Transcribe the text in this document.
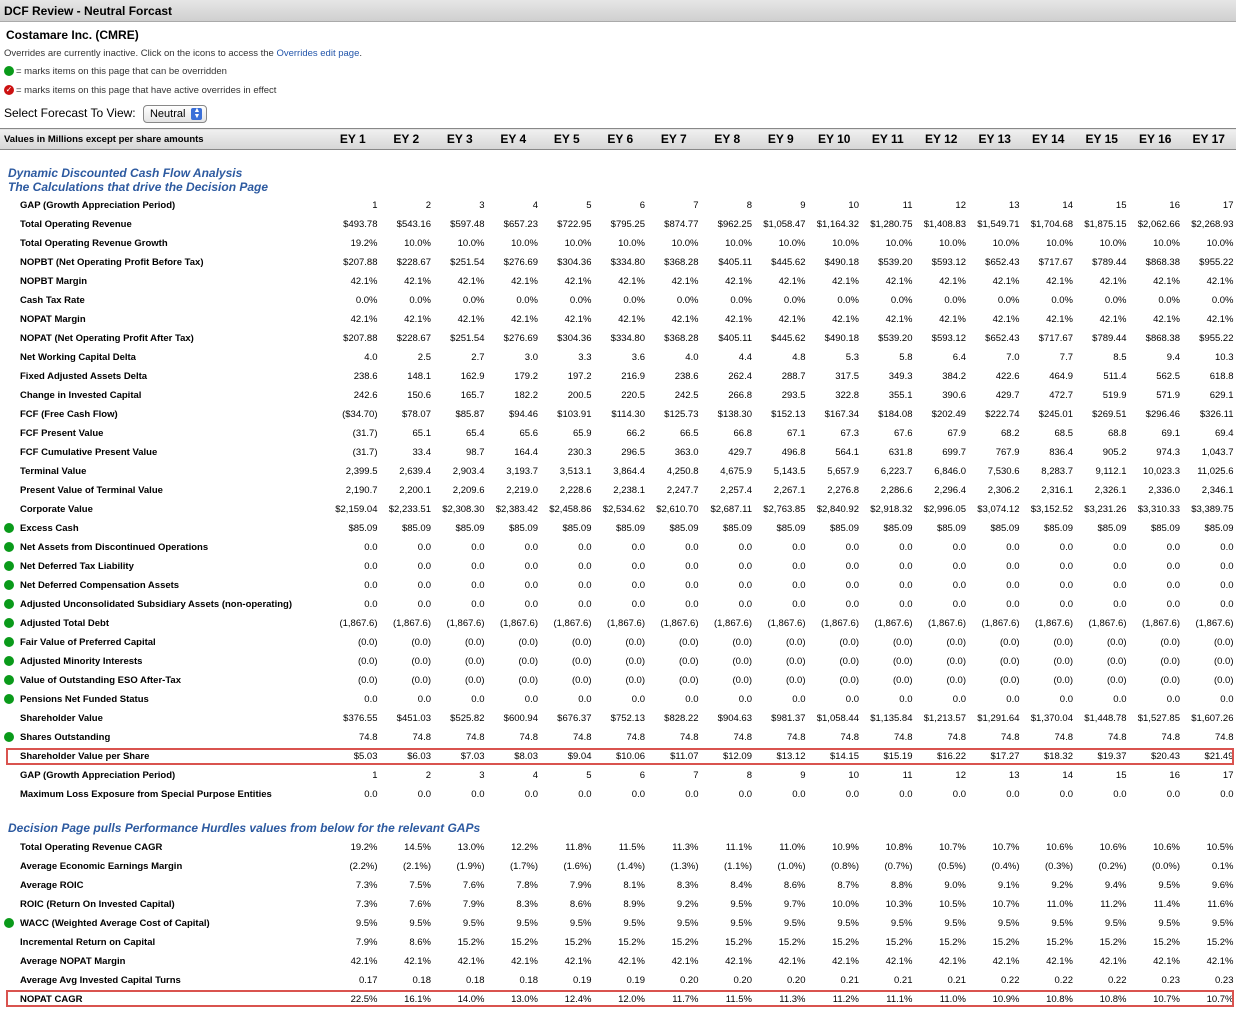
DCF Review - Neutral Forcast
Costamare Inc. (CMRE)
Overrides are currently inactive. Click on the icons to access the Overrides edit page.
= marks items on this page that can be overridden
✓ = marks items on this page that have active overrides in effect
Select Forecast To View: Neutral ▲
▼
Values in Millions except per share amounts	EY 1	EY 2	EY 3	EY 4	EY 5	EY 6	EY 7	EY 8	EY 9	EY 10	EY 11	EY 12	EY 13	EY 14	EY 15	EY 16	EY 17
Dynamic Discounted Cash Flow Analysis
The Calculations that drive the Decision Page
	GAP (Growth Appreciation Period)	1	2	3	4	5	6	7	8	9	10	11	12	13	14	15	16	17
	Total Operating Revenue	$493.78	$543.16	$597.48	$657.23	$722.95	$795.25	$874.77	$962.25	$1,058.47	$1,164.32	$1,280.75	$1,408.83	$1,549.71	$1,704.68	$1,875.15	$2,062.66	$2,268.93
	Total Operating Revenue Growth	19.2%	10.0%	10.0%	10.0%	10.0%	10.0%	10.0%	10.0%	10.0%	10.0%	10.0%	10.0%	10.0%	10.0%	10.0%	10.0%	10.0%
	NOPBT (Net Operating Profit Before Tax)	$207.88	$228.67	$251.54	$276.69	$304.36	$334.80	$368.28	$405.11	$445.62	$490.18	$539.20	$593.12	$652.43	$717.67	$789.44	$868.38	$955.22
	NOPBT Margin	42.1%	42.1%	42.1%	42.1%	42.1%	42.1%	42.1%	42.1%	42.1%	42.1%	42.1%	42.1%	42.1%	42.1%	42.1%	42.1%	42.1%
	Cash Tax Rate	0.0%	0.0%	0.0%	0.0%	0.0%	0.0%	0.0%	0.0%	0.0%	0.0%	0.0%	0.0%	0.0%	0.0%	0.0%	0.0%	0.0%
	NOPAT Margin	42.1%	42.1%	42.1%	42.1%	42.1%	42.1%	42.1%	42.1%	42.1%	42.1%	42.1%	42.1%	42.1%	42.1%	42.1%	42.1%	42.1%
	NOPAT (Net Operating Profit After Tax)	$207.88	$228.67	$251.54	$276.69	$304.36	$334.80	$368.28	$405.11	$445.62	$490.18	$539.20	$593.12	$652.43	$717.67	$789.44	$868.38	$955.22
	Net Working Capital Delta	4.0	2.5	2.7	3.0	3.3	3.6	4.0	4.4	4.8	5.3	5.8	6.4	7.0	7.7	8.5	9.4	10.3
	Fixed Adjusted Assets Delta	238.6	148.1	162.9	179.2	197.2	216.9	238.6	262.4	288.7	317.5	349.3	384.2	422.6	464.9	511.4	562.5	618.8
	Change in Invested Capital	242.6	150.6	165.7	182.2	200.5	220.5	242.5	266.8	293.5	322.8	355.1	390.6	429.7	472.7	519.9	571.9	629.1
	FCF (Free Cash Flow)	($34.70)	$78.07	$85.87	$94.46	$103.91	$114.30	$125.73	$138.30	$152.13	$167.34	$184.08	$202.49	$222.74	$245.01	$269.51	$296.46	$326.11
	FCF Present Value	(31.7)	65.1	65.4	65.6	65.9	66.2	66.5	66.8	67.1	67.3	67.6	67.9	68.2	68.5	68.8	69.1	69.4
	FCF Cumulative Present Value	(31.7)	33.4	98.7	164.4	230.3	296.5	363.0	429.7	496.8	564.1	631.8	699.7	767.9	836.4	905.2	974.3	1,043.7
	Terminal Value	2,399.5	2,639.4	2,903.4	3,193.7	3,513.1	3,864.4	4,250.8	4,675.9	5,143.5	5,657.9	6,223.7	6,846.0	7,530.6	8,283.7	9,112.1	10,023.3	11,025.6
	Present Value of Terminal Value	2,190.7	2,200.1	2,209.6	2,219.0	2,228.6	2,238.1	2,247.7	2,257.4	2,267.1	2,276.8	2,286.6	2,296.4	2,306.2	2,316.1	2,326.1	2,336.0	2,346.1
	Corporate Value	$2,159.04	$2,233.51	$2,308.30	$2,383.42	$2,458.86	$2,534.62	$2,610.70	$2,687.11	$2,763.85	$2,840.92	$2,918.32	$2,996.05	$3,074.12	$3,152.52	$3,231.26	$3,310.33	$3,389.75
	Excess Cash	$85.09	$85.09	$85.09	$85.09	$85.09	$85.09	$85.09	$85.09	$85.09	$85.09	$85.09	$85.09	$85.09	$85.09	$85.09	$85.09	$85.09
	Net Assets from Discontinued Operations	0.0	0.0	0.0	0.0	0.0	0.0	0.0	0.0	0.0	0.0	0.0	0.0	0.0	0.0	0.0	0.0	0.0
	Net Deferred Tax Liability	0.0	0.0	0.0	0.0	0.0	0.0	0.0	0.0	0.0	0.0	0.0	0.0	0.0	0.0	0.0	0.0	0.0
	Net Deferred Compensation Assets	0.0	0.0	0.0	0.0	0.0	0.0	0.0	0.0	0.0	0.0	0.0	0.0	0.0	0.0	0.0	0.0	0.0
	Adjusted Unconsolidated Subsidiary Assets (non-operating)	0.0	0.0	0.0	0.0	0.0	0.0	0.0	0.0	0.0	0.0	0.0	0.0	0.0	0.0	0.0	0.0	0.0
	Adjusted Total Debt	(1,867.6)	(1,867.6)	(1,867.6)	(1,867.6)	(1,867.6)	(1,867.6)	(1,867.6)	(1,867.6)	(1,867.6)	(1,867.6)	(1,867.6)	(1,867.6)	(1,867.6)	(1,867.6)	(1,867.6)	(1,867.6)	(1,867.6)
	Fair Value of Preferred Capital	(0.0)	(0.0)	(0.0)	(0.0)	(0.0)	(0.0)	(0.0)	(0.0)	(0.0)	(0.0)	(0.0)	(0.0)	(0.0)	(0.0)	(0.0)	(0.0)	(0.0)
	Adjusted Minority Interests	(0.0)	(0.0)	(0.0)	(0.0)	(0.0)	(0.0)	(0.0)	(0.0)	(0.0)	(0.0)	(0.0)	(0.0)	(0.0)	(0.0)	(0.0)	(0.0)	(0.0)
	Value of Outstanding ESO After-Tax	(0.0)	(0.0)	(0.0)	(0.0)	(0.0)	(0.0)	(0.0)	(0.0)	(0.0)	(0.0)	(0.0)	(0.0)	(0.0)	(0.0)	(0.0)	(0.0)	(0.0)
	Pensions Net Funded Status	0.0	0.0	0.0	0.0	0.0	0.0	0.0	0.0	0.0	0.0	0.0	0.0	0.0	0.0	0.0	0.0	0.0
	Shareholder Value	$376.55	$451.03	$525.82	$600.94	$676.37	$752.13	$828.22	$904.63	$981.37	$1,058.44	$1,135.84	$1,213.57	$1,291.64	$1,370.04	$1,448.78	$1,527.85	$1,607.26
	Shares Outstanding	74.8	74.8	74.8	74.8	74.8	74.8	74.8	74.8	74.8	74.8	74.8	74.8	74.8	74.8	74.8	74.8	74.8
	Shareholder Value per Share	$5.03	$6.03	$7.03	$8.03	$9.04	$10.06	$11.07	$12.09	$13.12	$14.15	$15.19	$16.22	$17.27	$18.32	$19.37	$20.43	$21.49
	GAP (Growth Appreciation Period)	1	2	3	4	5	6	7	8	9	10	11	12	13	14	15	16	17
	Maximum Loss Exposure from Special Purpose Entities	0.0	0.0	0.0	0.0	0.0	0.0	0.0	0.0	0.0	0.0	0.0	0.0	0.0	0.0	0.0	0.0	0.0
Decision Page pulls Performance Hurdles values from below for the relevant GAPs
	Total Operating Revenue CAGR	19.2%	14.5%	13.0%	12.2%	11.8%	11.5%	11.3%	11.1%	11.0%	10.9%	10.8%	10.7%	10.7%	10.6%	10.6%	10.6%	10.5%
	Average Economic Earnings Margin	(2.2%)	(2.1%)	(1.9%)	(1.7%)	(1.6%)	(1.4%)	(1.3%)	(1.1%)	(1.0%)	(0.8%)	(0.7%)	(0.5%)	(0.4%)	(0.3%)	(0.2%)	(0.0%)	0.1%
	Average ROIC	7.3%	7.5%	7.6%	7.8%	7.9%	8.1%	8.3%	8.4%	8.6%	8.7%	8.8%	9.0%	9.1%	9.2%	9.4%	9.5%	9.6%
	ROIC (Return On Invested Capital)	7.3%	7.6%	7.9%	8.3%	8.6%	8.9%	9.2%	9.5%	9.7%	10.0%	10.3%	10.5%	10.7%	11.0%	11.2%	11.4%	11.6%
	WACC (Weighted Average Cost of Capital)	9.5%	9.5%	9.5%	9.5%	9.5%	9.5%	9.5%	9.5%	9.5%	9.5%	9.5%	9.5%	9.5%	9.5%	9.5%	9.5%	9.5%
	Incremental Return on Capital	7.9%	8.6%	15.2%	15.2%	15.2%	15.2%	15.2%	15.2%	15.2%	15.2%	15.2%	15.2%	15.2%	15.2%	15.2%	15.2%	15.2%
	Average NOPAT Margin	42.1%	42.1%	42.1%	42.1%	42.1%	42.1%	42.1%	42.1%	42.1%	42.1%	42.1%	42.1%	42.1%	42.1%	42.1%	42.1%	42.1%
	Average Avg Invested Capital Turns	0.17	0.18	0.18	0.18	0.19	0.19	0.20	0.20	0.20	0.21	0.21	0.21	0.22	0.22	0.22	0.23	0.23
	NOPAT CAGR	22.5%	16.1%	14.0%	13.0%	12.4%	12.0%	11.7%	11.5%	11.3%	11.2%	11.1%	11.0%	10.9%	10.8%	10.8%	10.7%	10.7%
